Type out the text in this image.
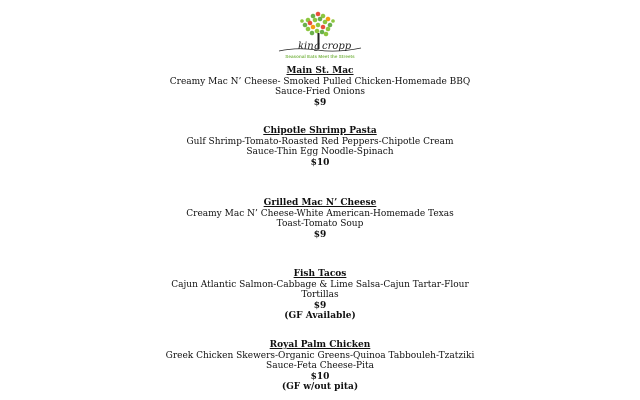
king cropp
Seasonal Eats Meet the Streets
Main St. Mac
Creamy Mac N’ Cheese- Smoked Pulled Chicken-Homemade BBQ
Sauce-Fried Onions
$9
Chipotle Shrimp Pasta
Gulf Shrimp-Tomato-Roasted Red Peppers-Chipotle Cream
Sauce-Thin Egg Noodle-Spinach
$10
Grilled Mac N’ Cheese
Creamy Mac N’ Cheese-White American-Homemade Texas
Toast-Tomato Soup
$9
Fish Tacos
Cajun Atlantic Salmon-Cabbage & Lime Salsa-Cajun Tartar-Flour
Tortillas
$9
(GF Available)
Royal Palm Chicken
Greek Chicken Skewers-Organic Greens-Quinoa Tabbouleh-Tzatziki
Sauce-Feta Cheese-Pita
$10
(GF w/out pita)
